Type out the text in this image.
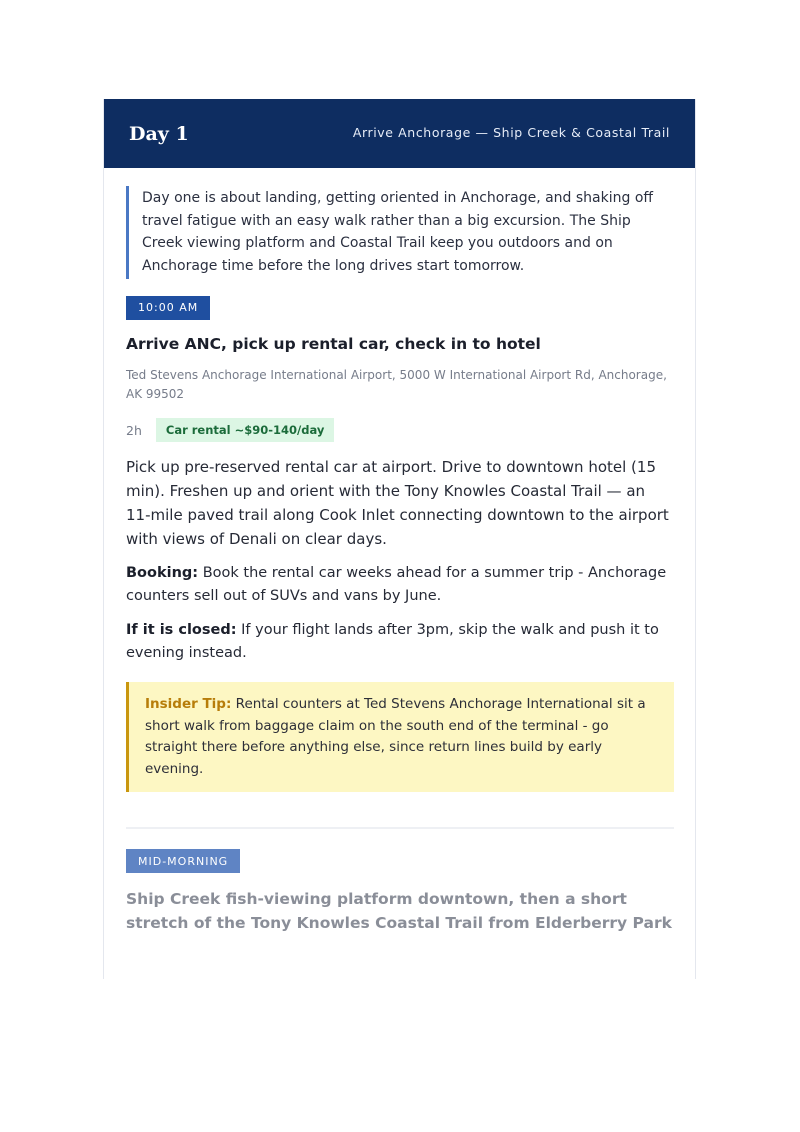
Day 1	Arrive Anchorage — Ship Creek & Coastal Trail
Day one is about landing, getting oriented in Anchorage, and shaking off travel fatigue with an easy walk rather than a big excursion. The Ship Creek viewing platform and Coastal Trail keep you outdoors and on Anchorage time before the long drives start tomorrow.
10:00 AM
Arrive ANC, pick up rental car, check in to hotel
Ted Stevens Anchorage International Airport, 5000 W International Airport Rd, Anchorage, AK 99502
2h	Car rental ~$90-140/day
Pick up pre-reserved rental car at airport. Drive to downtown hotel (15 min). Freshen up and orient with the Tony Knowles Coastal Trail — an 11-mile paved trail along Cook Inlet connecting downtown to the airport with views of Denali on clear days.
Booking: Book the rental car weeks ahead for a summer trip - Anchorage counters sell out of SUVs and vans by June.
If it is closed: If your flight lands after 3pm, skip the walk and push it to evening instead.
Insider Tip: Rental counters at Ted Stevens Anchorage International sit a short walk from baggage claim on the south end of the terminal - go straight there before anything else, since return lines build by early evening.
MID-MORNING
Ship Creek fish-viewing platform downtown, then a short stretch of the Tony Knowles Coastal Trail from Elderberry Park
